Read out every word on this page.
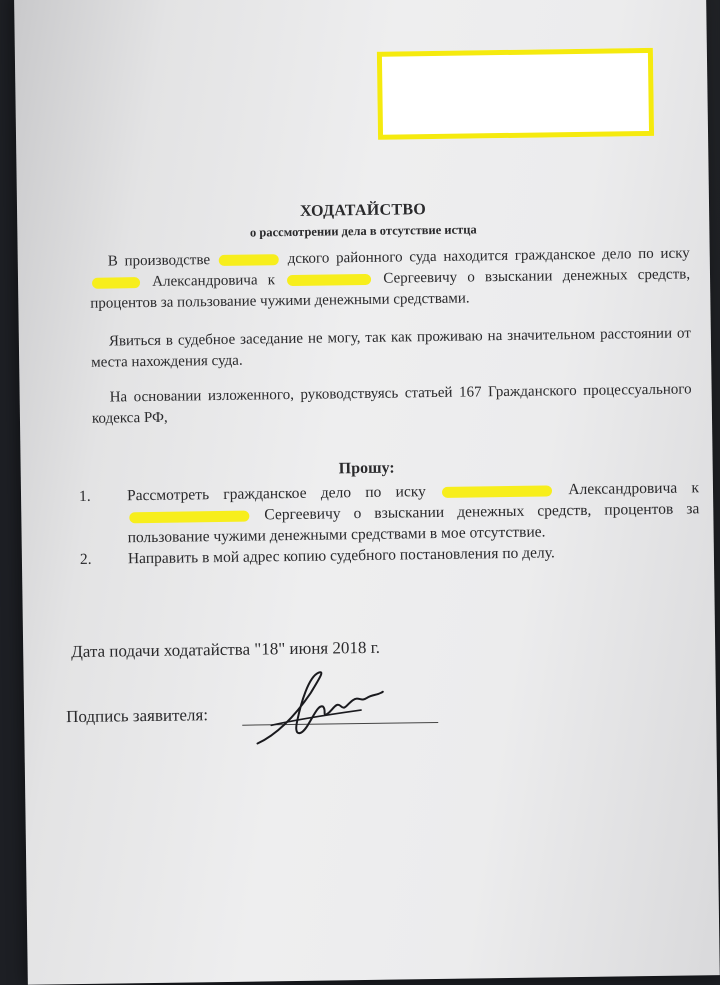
ХОДАТАЙСТВО
о рассмотрении дела в отсутствие истца
В производстве	дского районного суда находится гражданское дело по иску  Александровича к	Сергеевичу о взыскании денежных средств, процентов за пользование чужими денежными средствами.
Явиться в судебное заседание не могу, так как проживаю на значительном расстоянии от места нахождения суда.
На основании изложенного, руководствуясь статьей 167 Гражданского процессуального кодекса РФ,
Прошу:
1.	Рассмотреть гражданское дело по иску	Александровича к  Сергеевичу о взыскании денежных средств, процентов за пользование чужими денежными средствами в мое отсутствие.
2.	Направить в мой адрес копию судебного постановления по делу.
Дата подачи ходатайства "18" июня 2018 г.
Подпись заявителя:
